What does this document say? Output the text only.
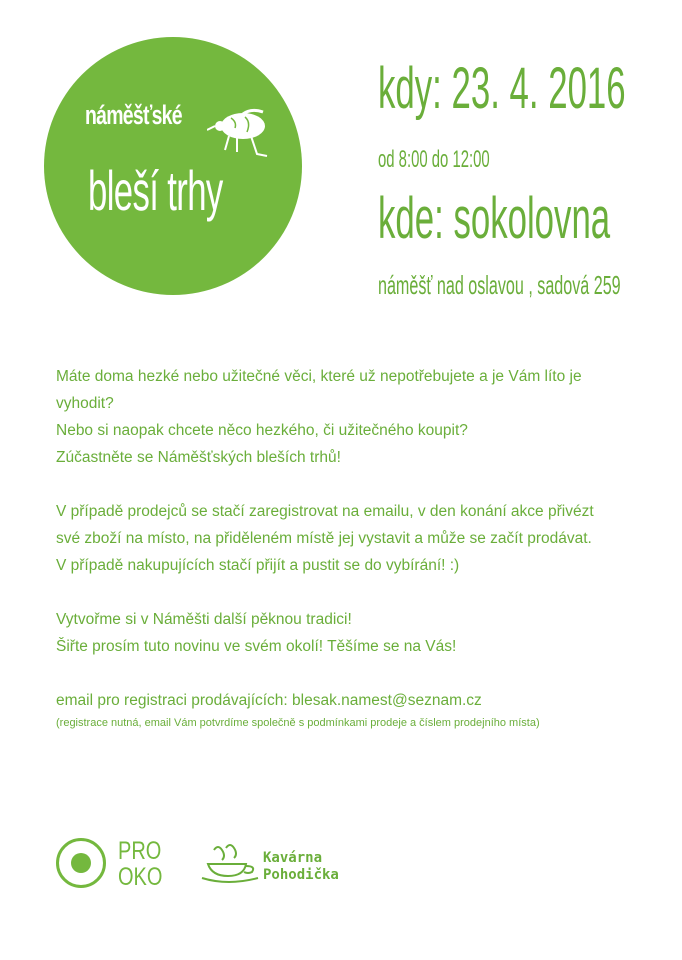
náměšťské
bleší trhy
kdy: 23. 4. 2016
od 8:00 do 12:00
kde: sokolovna
náměšť nad oslavou , sadová 259

Máte doma hezké nebo užitečné věci, které už nepotřebujete a je Vám líto je
vyhodit?
Nebo si naopak chcete něco hezkého, či užitečného koupit?
Zúčastněte se Náměšťských bleších trhů!

V případě prodejců se stačí zaregistrovat na emailu, v den konání akce přivézt
své zboží na místo, na přiděleném místě jej vystavit a může se začít prodávat.
V případě nakupujících stačí přijít a pustit se do vybírání! :)

Vytvořme si v Náměšti další pěknou tradici!
Šiřte prosím tuto novinu ve svém okolí! Těšíme se na Vás!

email pro registraci prodávajících: blesak.namest@seznam.cz
(registrace nutná, email Vám potvrdíme společně s podmínkami prodeje a číslem prodejního místa)
PRO
OKO
Kavárna
Pohodička
